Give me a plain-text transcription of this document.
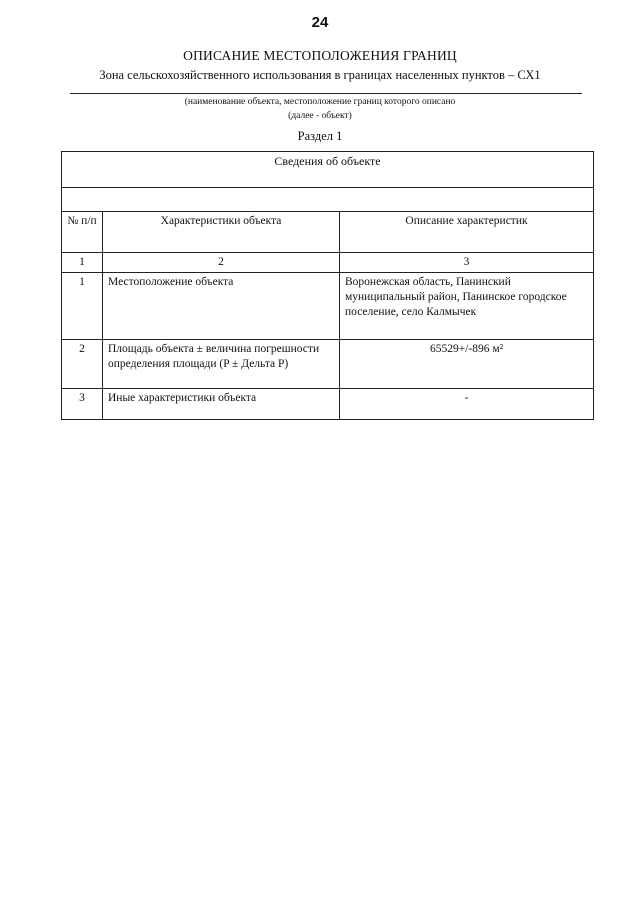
24
ОПИСАНИЕ МЕСТОПОЛОЖЕНИЯ ГРАНИЦ
Зона сельскохозяйственного использования в границах населенных пунктов – СХ1
(наименование объекта, местоположение границ которого описано
(далее - объект)
Раздел 1
Сведения об объекте		

№ п/п	Характеристики объекта	Описание характеристик
1	2	3
1	Местоположение объекта	Воронежская область, Панинский муниципальный район, Панинское городское поселение, село Калмычек
2	Площадь объекта ± величина погрешности определения площади (P ± Дельта P)	65529+/-896 м²
3	Иные характеристики объекта	-
